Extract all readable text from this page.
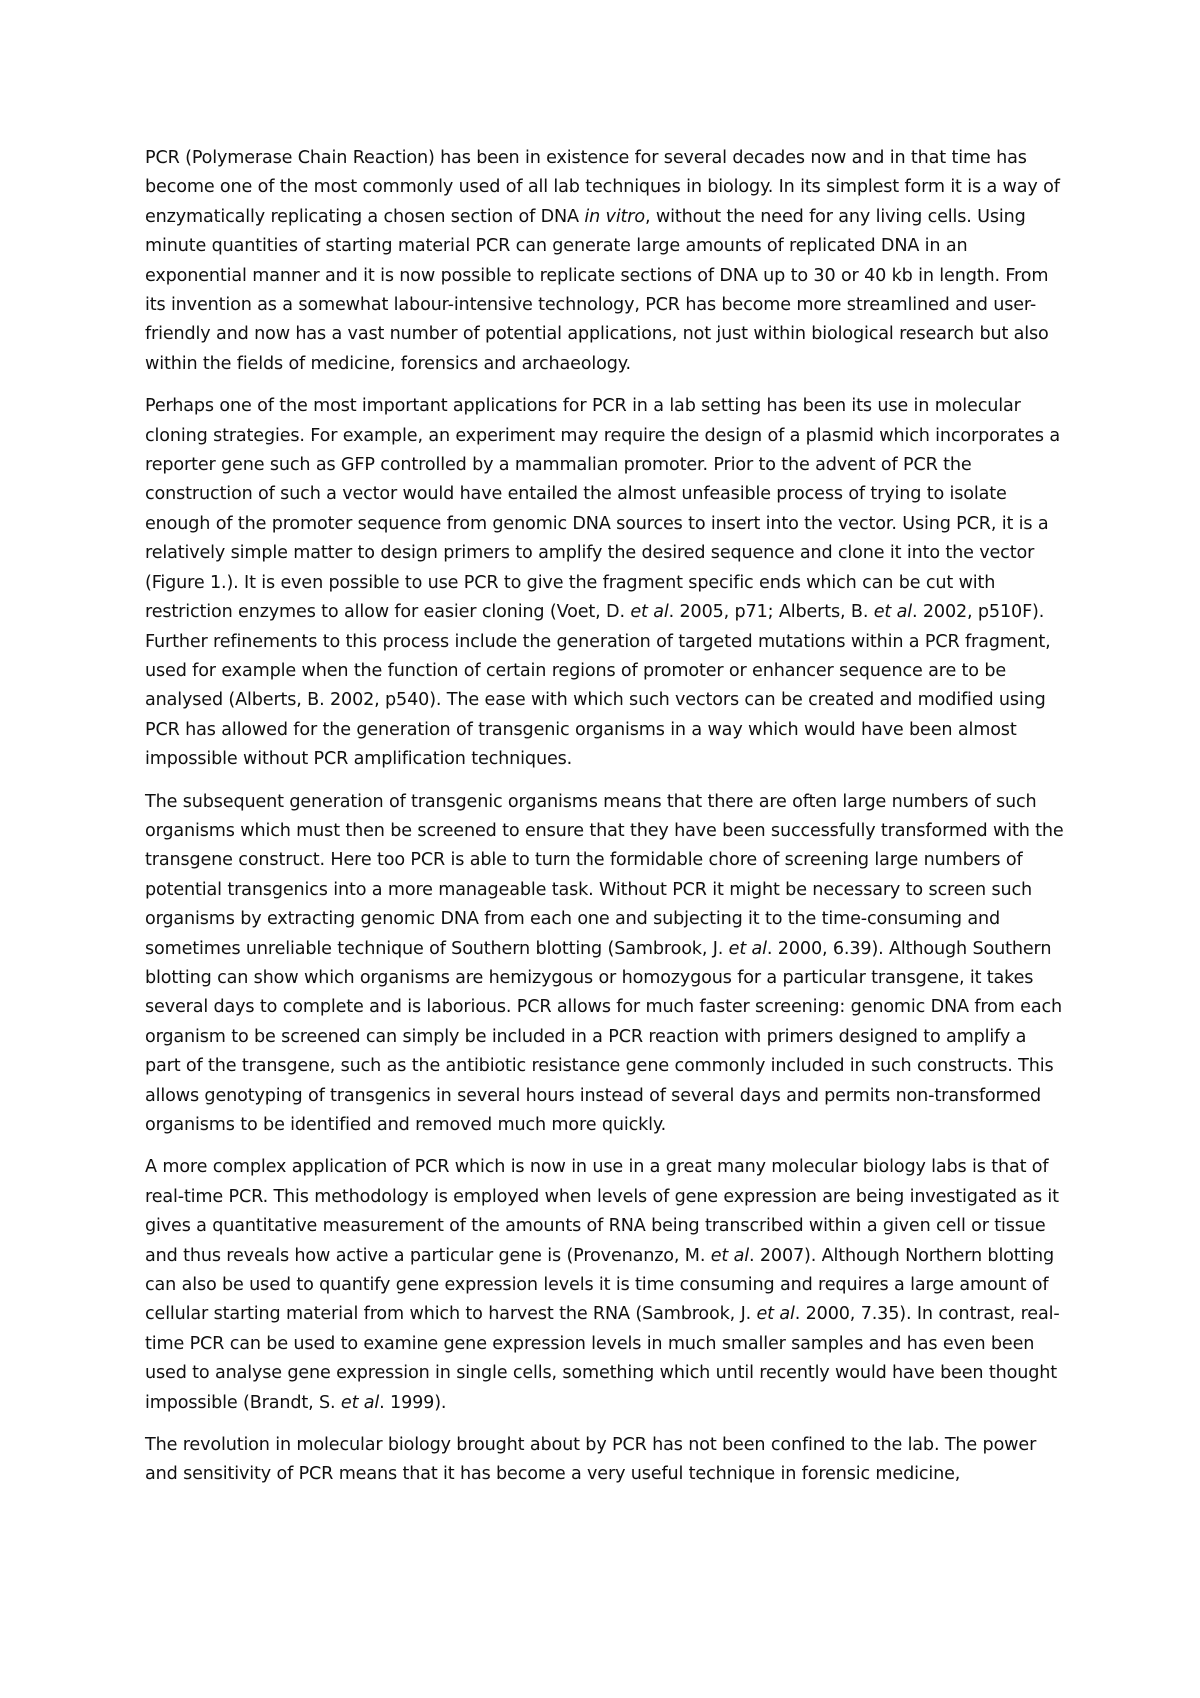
PCR (Polymerase Chain Reaction) has been in existence for several decades now and in that time has become one of the most commonly used of all lab techniques in biology. In its simplest form it is a way of enzymatically replicating a chosen section of DNA in vitro, without the need for any living cells. Using minute quantities of starting material PCR can generate large amounts of replicated DNA in an exponential manner and it is now possible to replicate sections of DNA up to 30 or 40 kb in length. From its invention as a somewhat labour-intensive technology, PCR has become more streamlined and user-friendly and now has a vast number of potential applications, not just within biological research but also within the fields of medicine, forensics and archaeology.

Perhaps one of the most important applications for PCR in a lab setting has been its use in molecular cloning strategies. For example, an experiment may require the design of a plasmid which incorporates a reporter gene such as GFP controlled by a mammalian promoter. Prior to the advent of PCR the construction of such a vector would have entailed the almost unfeasible process of trying to isolate enough of the promoter sequence from genomic DNA sources to insert into the vector. Using PCR, it is a relatively simple matter to design primers to amplify the desired sequence and clone it into the vector (Figure 1.). It is even possible to use PCR to give the fragment specific ends which can be cut with restriction enzymes to allow for easier cloning (Voet, D. et al. 2005, p71; Alberts, B. et al. 2002, p510F). Further refinements to this process include the generation of targeted mutations within a PCR fragment, used for example when the function of certain regions of promoter or enhancer sequence are to be analysed (Alberts, B. 2002, p540). The ease with which such vectors can be created and modified using PCR has allowed for the generation of transgenic organisms in a way which would have been almost impossible without PCR amplification techniques.

The subsequent generation of transgenic organisms means that there are often large numbers of such organisms which must then be screened to ensure that they have been successfully transformed with the transgene construct. Here too PCR is able to turn the formidable chore of screening large numbers of potential transgenics into a more manageable task. Without PCR it might be necessary to screen such organisms by extracting genomic DNA from each one and subjecting it to the time-consuming and sometimes unreliable technique of Southern blotting (Sambrook, J. et al. 2000, 6.39). Although Southern blotting can show which organisms are hemizygous or homozygous for a particular transgene, it takes several days to complete and is laborious. PCR allows for much faster screening: genomic DNA from each organism to be screened can simply be included in a PCR reaction with primers designed to amplify a part of the transgene, such as the antibiotic resistance gene commonly included in such constructs. This allows genotyping of transgenics in several hours instead of several days and permits non-transformed organisms to be identified and removed much more quickly.

A more complex application of PCR which is now in use in a great many molecular biology labs is that of real-time PCR. This methodology is employed when levels of gene expression are being investigated as it gives a quantitative measurement of the amounts of RNA being transcribed within a given cell or tissue and thus reveals how active a particular gene is (Provenanzo, M. et al. 2007). Although Northern blotting can also be used to quantify gene expression levels it is time consuming and requires a large amount of cellular starting material from which to harvest the RNA (Sambrook, J. et al. 2000, 7.35). In contrast, real-time PCR can be used to examine gene expression levels in much smaller samples and has even been used to analyse gene expression in single cells, something which until recently would have been thought impossible (Brandt, S. et al. 1999).

The revolution in molecular biology brought about by PCR has not been confined to the lab. The power and sensitivity of PCR means that it has become a very useful technique in forensic medicine,
